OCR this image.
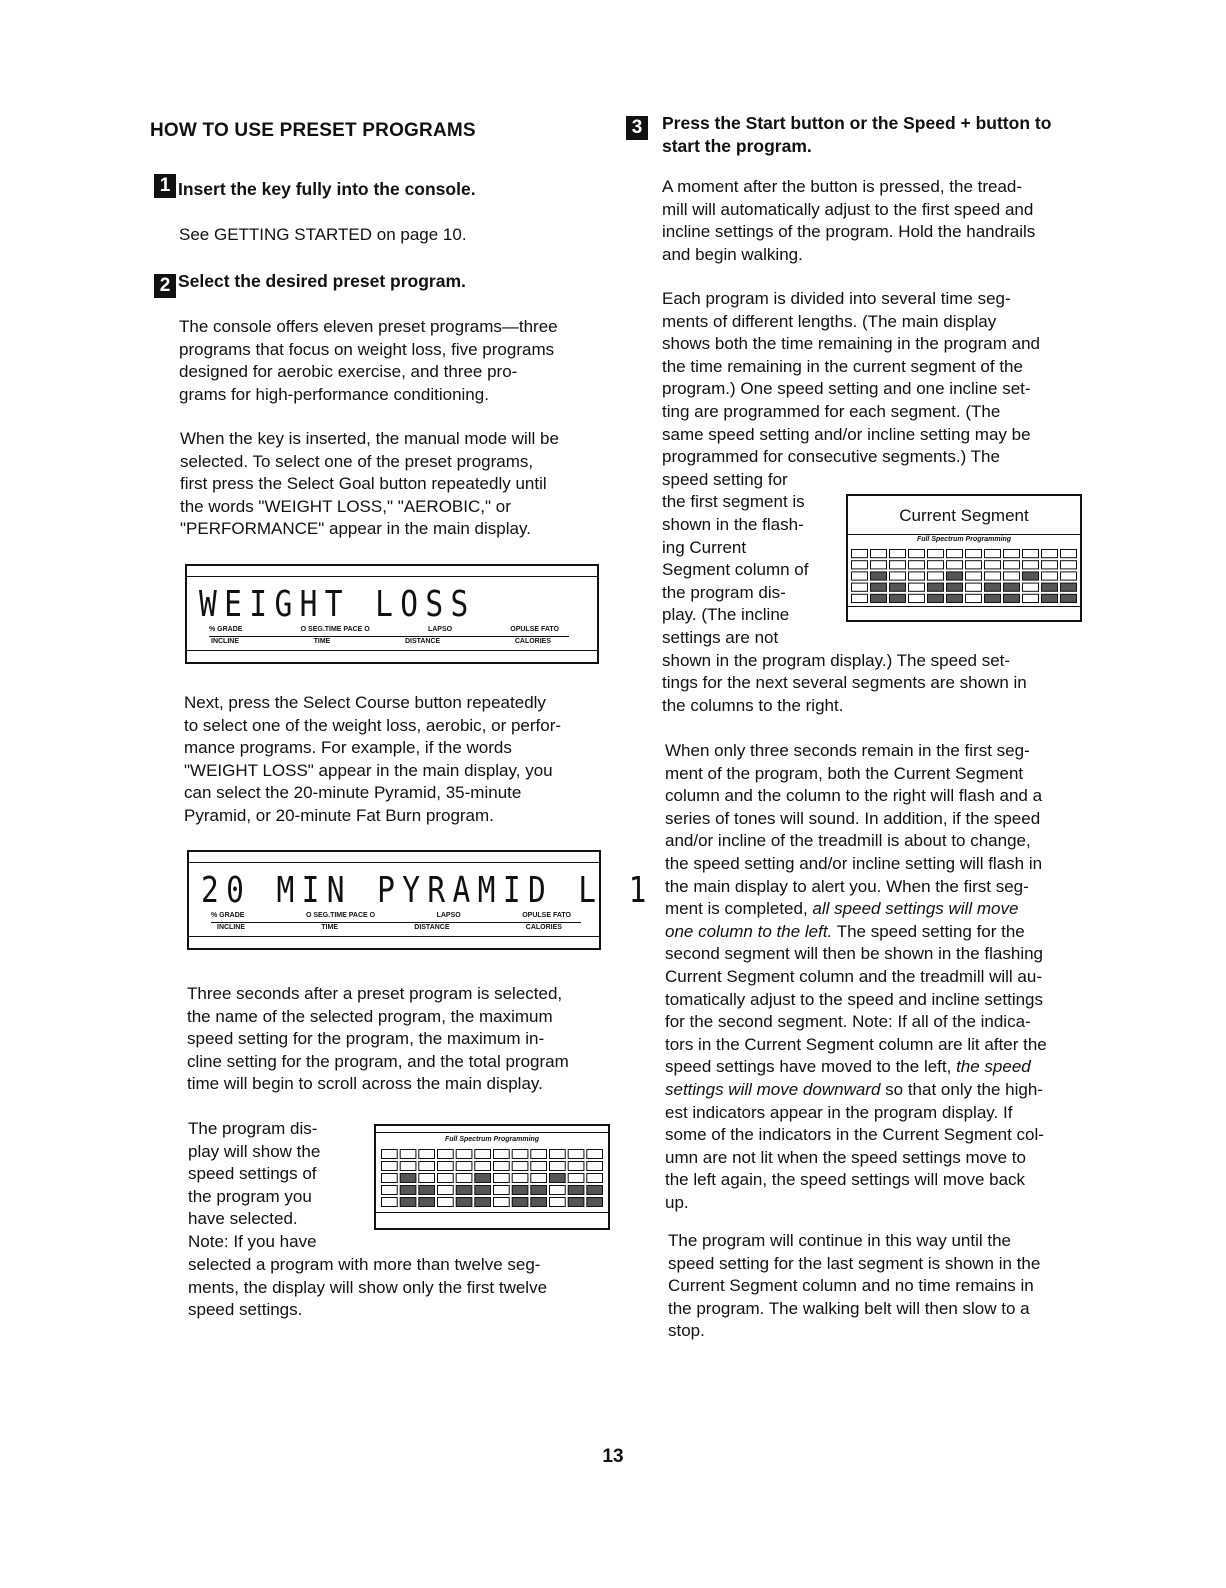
HOW TO USE PRESET PROGRAMS
1 Insert the key fully into the console.
See GETTING STARTED on page 10.
2 Select the desired preset program.

The console offers eleven preset programs—three

programs that focus on weight loss, five programs

designed for aerobic exercise, and three pro-

grams for high-performance conditioning.

When the key is inserted, the manual mode will be

selected. To select one of the preset programs,

first press the Select Goal button repeatedly until

the words "WEIGHT LOSS," "AEROBIC," or

"PERFORMANCE" appear in the main display.

WEIGHT LOSS
% GRADE	O SEG.TIME PACE O	LAPSO	OPULSE FATO
INCLINE	TIME	DISTANCE	CALORIES

Next, press the Select Course button repeatedly

to select one of the weight loss, aerobic, or perfor-

mance programs. For example, if the words

"WEIGHT LOSS" appear in the main display, you

can select the 20-minute Pyramid, 35-minute

Pyramid, or 20-minute Fat Burn program.

20 MIN PYRAMID L 1
% GRADE	O SEG.TIME PACE O	LAPSO	OPULSE FATO
INCLINE	TIME	DISTANCE	CALORIES

Three seconds after a preset program is selected,

the name of the selected program, the maximum

speed setting for the program, the maximum in-

cline setting for the program, and the total program

time will begin to scroll across the main display.

The program dis-

play will show the

speed settings of

the program you

have selected.

Note: If you have

Full Spectrum Programming

selected a program with more than twelve seg-

ments, the display will show only the first twelve

speed settings.

3	Press the Start button or the Speed + button to
start the program.

A moment after the button is pressed, the tread-

mill will automatically adjust to the first speed and

incline settings of the program. Hold the handrails

and begin walking.

Each program is divided into several time seg-

ments of different lengths. (The main display

shows both the time remaining in the program and

the time remaining in the current segment of the

program.) One speed setting and one incline set-

ting are programmed for each segment. (The

same speed setting and/or incline setting may be

programmed for consecutive segments.) The

speed setting for

the first segment is

shown in the flash-

ing Current

Segment column of

the program dis-

play. (The incline

settings are not

shown in the program display.) The speed set-

tings for the next several segments are shown in

the columns to the right.

Current Segment
Full Spectrum Programming

When only three seconds remain in the first seg-

ment of the program, both the Current Segment

column and the column to the right will flash and a

series of tones will sound. In addition, if the speed

and/or incline of the treadmill is about to change,

the speed setting and/or incline setting will flash in

the main display to alert you. When the first seg-

ment is completed, all speed settings will move

one column to the left. The speed setting for the

second segment will then be shown in the flashing

Current Segment column and the treadmill will au-

tomatically adjust to the speed and incline settings

for the second segment. Note: If all of the indica-

tors in the Current Segment column are lit after the

speed settings have moved to the left, the speed

settings will move downward so that only the high-

est indicators appear in the program display. If

some of the indicators in the Current Segment col-

umn are not lit when the speed settings move to

the left again, the speed settings will move back

up.

The program will continue in this way until the

speed setting for the last segment is shown in the

Current Segment column and no time remains in

the program. The walking belt will then slow to a

stop.

13
